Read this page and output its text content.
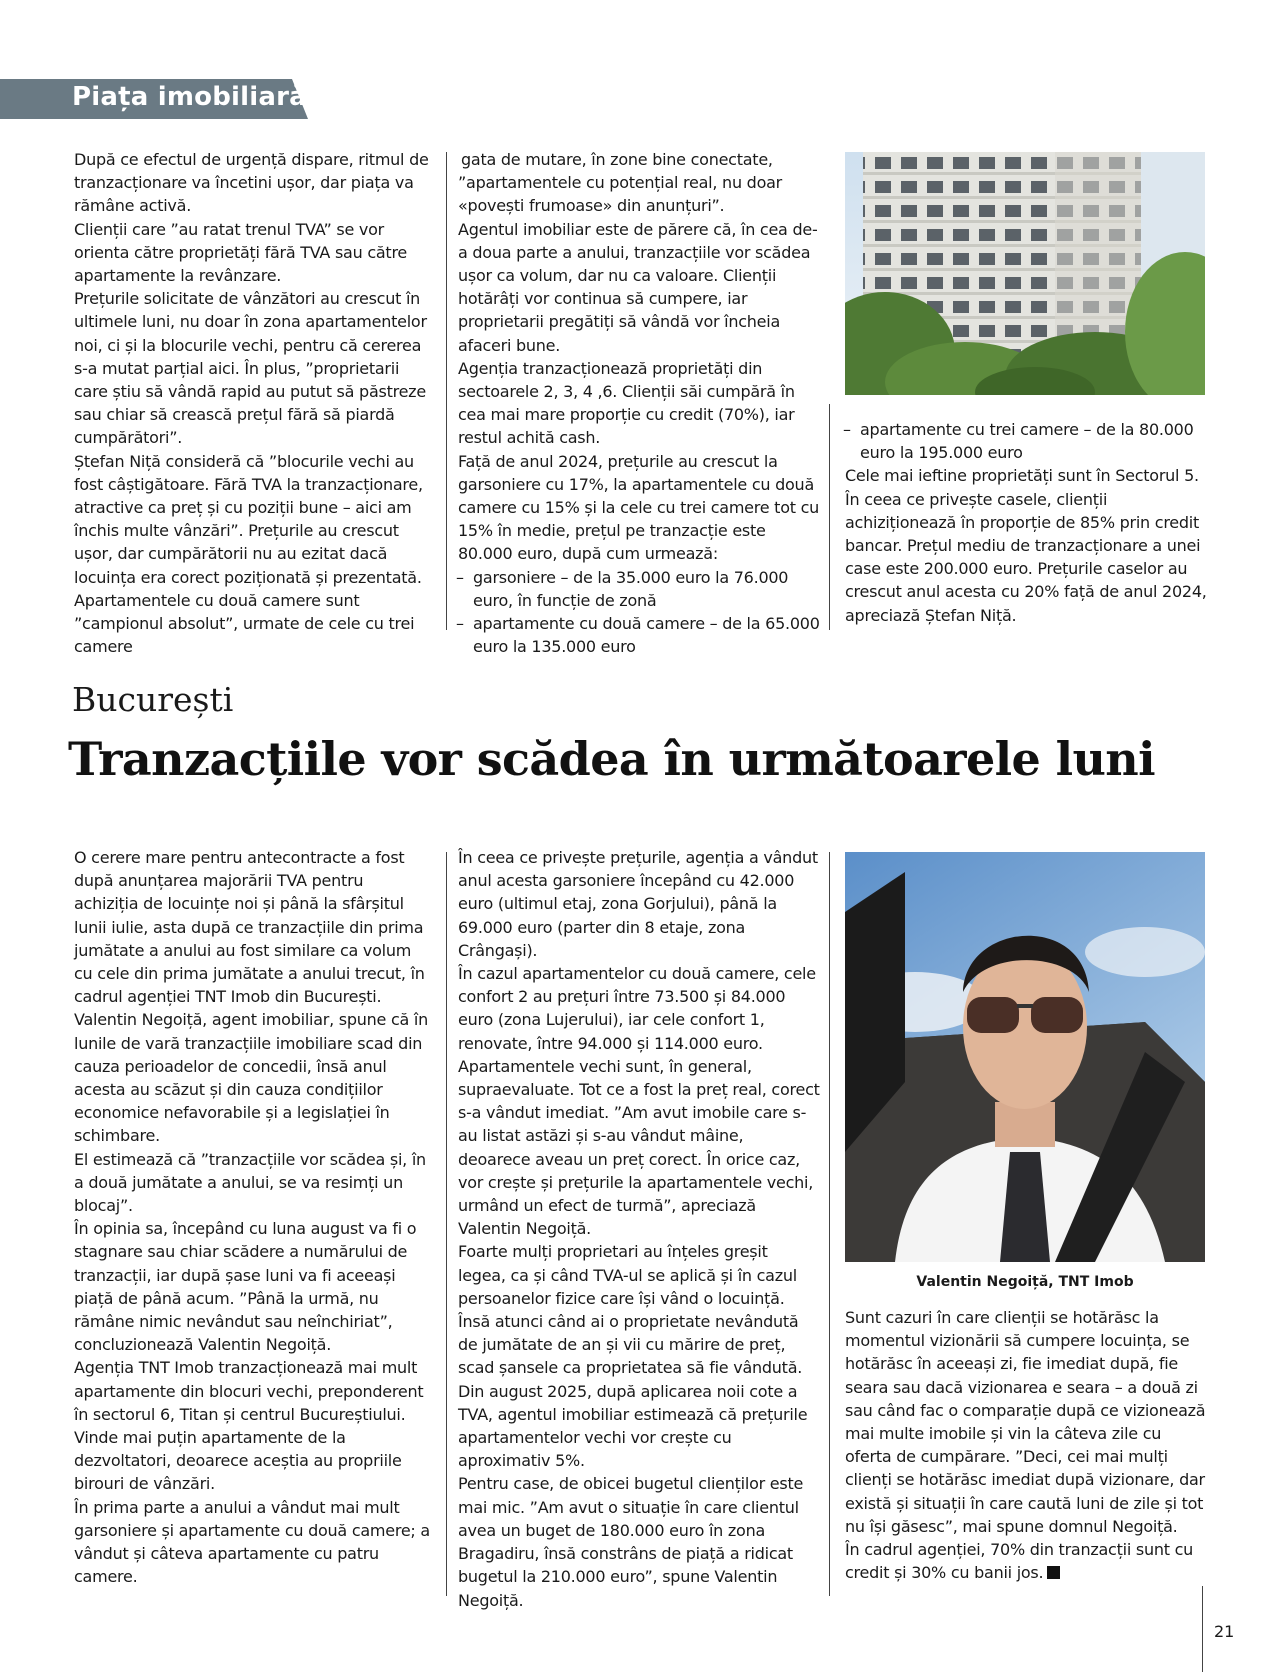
Piața imobiliară

După ce efectul de urgență dispare, ritmul de tranzacționare va încetini ușor, dar piața va rămâne activă.

Clienții care ”au ratat trenul TVA” se vor orienta către proprietăți fără TVA sau către apartamente la revânzare.

Prețurile solicitate de vânzători au crescut în ultimele luni, nu doar în zona apartamentelor noi, ci și la blocurile vechi, pentru că cererea s-a mutat parțial aici. În plus, ”proprietarii care știu să vândă rapid au putut să păstreze sau chiar să crească prețul fără să piardă cumpărători”.

Ștefan Niță consideră că ”blocurile vechi au fost câștigătoare. Fără TVA la tranzacționare, atractive ca preț și cu poziții bune – aici am închis multe vânzări”. Prețurile au crescut ușor, dar cumpărătorii nu au ezitat dacă locuința era corect poziționată și prezentată.

Apartamentele cu două camere sunt ”campionul absolut”, urmate de cele cu trei camere

gata de mutare, în zone bine conectate, ”apartamentele cu potențial real, nu doar «povești frumoase» din anunțuri”.

Agentul imobiliar este de părere că, în cea de-a doua parte a anului, tranzacțiile vor scădea ușor ca volum, dar nu ca valoare. Clienții hotărâți vor continua să cumpere, iar proprietarii pregătiți să vândă vor încheia afaceri bune.

Agenția tranzacționează proprietăți din sectoarele 2, 3, 4 ,6. Clienții săi cumpără în cea mai mare proporție cu credit (70%), iar restul achită cash.

Față de anul 2024, prețurile au crescut la garsoniere cu 17%, la apartamentele cu două camere cu 15% și la cele cu trei camere tot cu 15% în medie, prețul pe tranzacție este 80.000 euro, după cum urmează:

– garsoniere – de la 35.000 euro la 76.000 euro, în funcție de zonă
– apartamente cu două camere – de la 65.000 euro la 135.000 euro
– apartamente cu trei camere – de la 80.000 euro la 195.000 euro

Cele mai ieftine proprietăți sunt în Sectorul 5.

În ceea ce privește casele, clienții achiziționează în proporție de 85% prin credit bancar. Prețul mediu de tranzacționare a unei case este 200.000 euro. Prețurile caselor au crescut anul acesta cu 20% față de anul 2024, apreciază Ștefan Niță.

București
Tranzacțiile vor scădea în următoarele luni

O cerere mare pentru antecontracte a fost după anunțarea majorării TVA pentru achiziția de locuințe noi și până la sfârșitul lunii iulie, asta după ce tranzacțiile din prima jumătate a anului au fost similare ca volum cu cele din prima jumătate a anului trecut, în cadrul agenției TNT Imob din București.

Valentin Negoiță, agent imobiliar, spune că în lunile de vară tranzacțiile imobiliare scad din cauza perioadelor de concedii, însă anul acesta au scăzut și din cauza condițiilor economice nefavorabile și a legislației în schimbare.

El estimează că ”tranzacțiile vor scădea și, în a două jumătate a anului, se va resimți un blocaj”.

În opinia sa, începând cu luna august va fi o stagnare sau chiar scădere a numărului de tranzacții, iar după șase luni va fi aceeași piață de până acum. ”Până la urmă, nu rămâne nimic nevândut sau neînchiriat”, concluzionează Valentin Negoiță.

Agenția TNT Imob tranzacționează mai mult apartamente din blocuri vechi, preponderent în sectorul 6, Titan și centrul Bucureștiului.

Vinde mai puțin apartamente de la dezvoltatori, deoarece aceștia au propriile birouri de vânzări.

În prima parte a anului a vândut mai mult garsoniere și apartamente cu două camere; a vândut și câteva apartamente cu patru camere.

În ceea ce privește prețurile, agenția a vândut anul acesta garsoniere începând cu 42.000 euro (ultimul etaj, zona Gorjului), până la 69.000 euro (parter din 8 etaje, zona Crângași).

În cazul apartamentelor cu două camere, cele confort 2 au prețuri între 73.500 și 84.000 euro (zona Lujerului), iar cele confort 1, renovate, între 94.000 și 114.000 euro.

Apartamentele vechi sunt, în general, supraevaluate. Tot ce a fost la preț real, corect s-a vândut imediat. ”Am avut imobile care s-au listat astăzi și s-au vândut mâine, deoarece aveau un preț corect. În orice caz, vor crește și prețurile la apartamentele vechi, urmând un efect de turmă”, apreciază Valentin Negoiță.

Foarte mulți proprietari au înțeles greșit legea, ca și când TVA-ul se aplică și în cazul persoanelor fizice care își vând o locuință. Însă atunci când ai o proprietate nevândută de jumătate de an și vii cu mărire de preț, scad șansele ca proprietatea să fie vândută.

Din august 2025, după aplicarea noii cote a TVA, agentul imobiliar estimează că prețurile apartamentelor vechi vor crește cu aproximativ 5%.

Pentru case, de obicei bugetul clienților este mai mic. ”Am avut o situație în care clientul avea un buget de 180.000 euro în zona Bragadiru, însă constrâns de piață a ridicat bugetul la 210.000 euro”, spune Valentin Negoiță.

Valentin Negoiță, TNT Imob

Sunt cazuri în care clienții se hotărăsc la momentul vizionării să cumpere locuința, se hotărăsc în aceeași zi, fie imediat după, fie seara sau dacă vizionarea e seara – a două zi sau când fac o comparație după ce vizionează mai multe imobile și vin la câteva zile cu oferta de cumpărare. ”Deci, cei mai mulți clienți se hotărăsc imediat după vizionare, dar există și situații în care caută luni de zile și tot nu își găsesc”, mai spune domnul Negoiță.

În cadrul agenției, 70% din tranzacții sunt cu credit și 30% cu banii jos.

21
